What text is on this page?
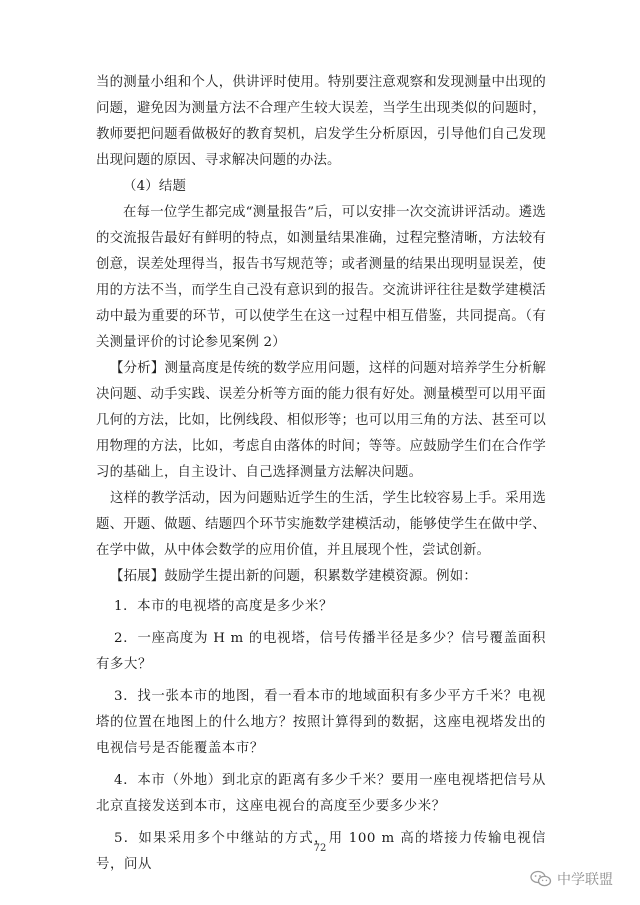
当的测量小组和个人，供讲评时使用。特别要注意观察和发现测量中出现的问题，避免因为测量方法不合理产生较大误差，当学生出现类似的问题时，教师要把问题看做极好的教育契机，启发学生分析原因，引导他们自己发现出现问题的原因、寻求解决问题的办法。

（4）结题

在每一位学生都完成“测量报告”后，可以安排一次交流讲评活动。遴选的交流报告最好有鲜明的特点，如测量结果准确，过程完整清晰，方法较有创意，误差处理得当，报告书写规范等；或者测量的结果出现明显误差，使用的方法不当，而学生自己没有意识到的报告。交流讲评往往是数学建模活动中最为重要的环节，可以使学生在这一过程中相互借鉴，共同提高。（有关测量评价的讨论参见案例 2）

【分析】测量高度是传统的数学应用问题，这样的问题对培养学生分析解决问题、动手实践、误差分析等方面的能力很有好处。测量模型可以用平面几何的方法，比如，比例线段、相似形等；也可以用三角的方法、甚至可以用物理的方法，比如，考虑自由落体的时间；等等。应鼓励学生们在合作学习的基础上，自主设计、自己选择测量方法解决问题。

这样的教学活动，因为问题贴近学生的生活，学生比较容易上手。采用选题、开题、做题、结题四个环节实施数学建模活动，能够使学生在做中学、在学中做，从中体会数学的应用价值，并且展现个性，尝试创新。

【拓展】鼓励学生提出新的问题，积累数学建模资源。例如：

1．本市的电视塔的高度是多少米？

2．一座高度为 H m 的电视塔，信号传播半径是多少？信号覆盖面积有多大？

3．找一张本市的地图，看一看本市的地域面积有多少平方千米？电视塔的位置在地图上的什么地方？按照计算得到的数据，这座电视塔发出的电视信号是否能覆盖本市？

4．本市（外地）到北京的距离有多少千米？要用一座电视塔把信号从北京直接发送到本市，这座电视台的高度至少要多少米？

5．如果采用多个中继站的方式，用 100 m 高的塔接力传输电视信号，问从

72
中学联盟
